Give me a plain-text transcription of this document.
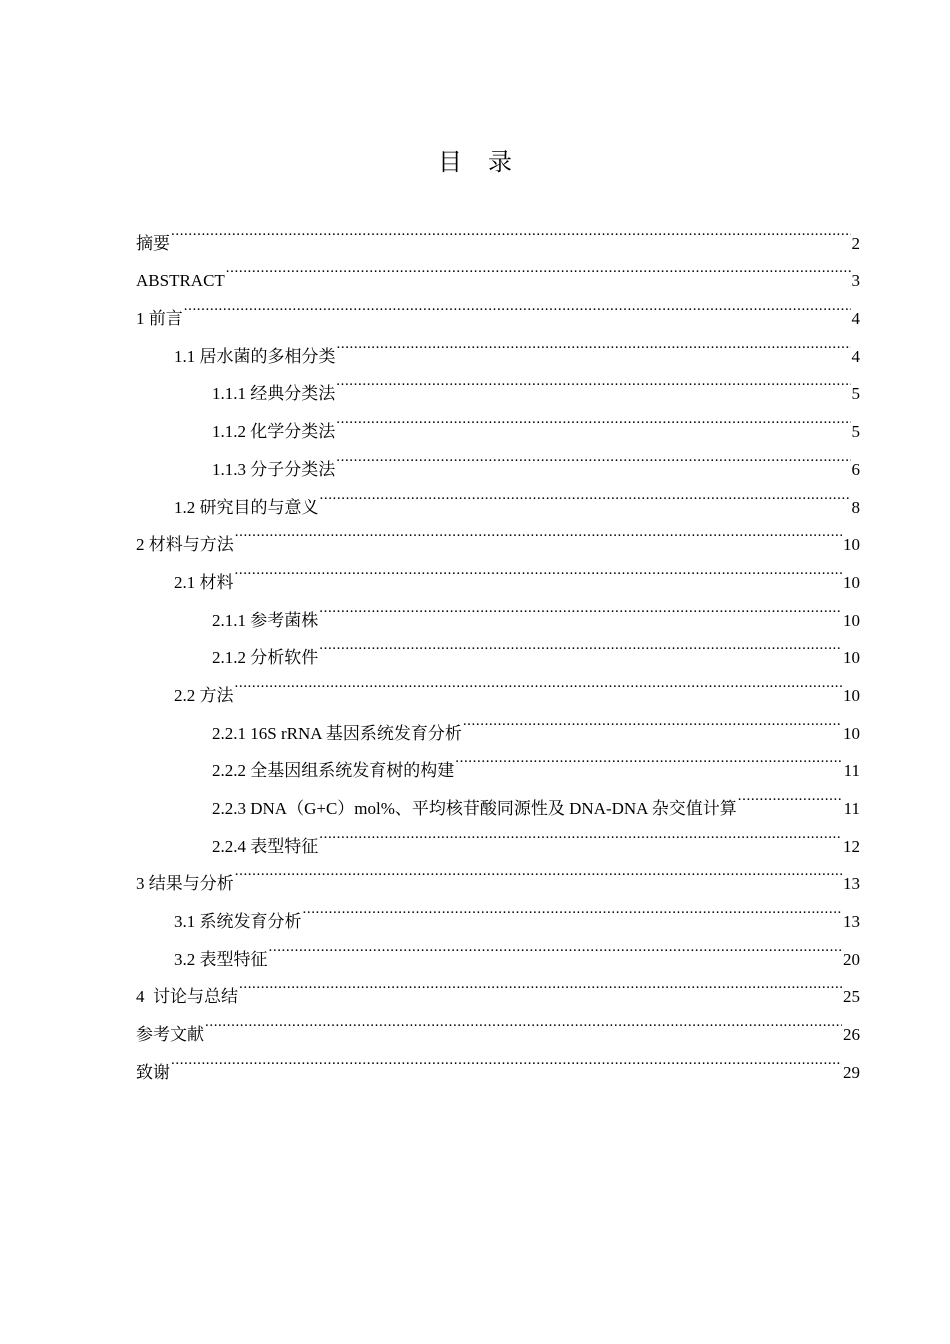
目录
摘要 .....	2
ABSTRACT .....	3
1 前言 .....	4
1.1 居水菌的多相分类 .....	4
1.1.1 经典分类法 .....	5
1.1.2 化学分类法 .....	5
1.1.3 分子分类法 .....	6
1.2 研究目的与意义 .....	8
2 材料与方法 .....	10
2.1 材料 .....	10
2.1.1 参考菌株 .....	10
2.1.2 分析软件 .....	10
2.2 方法 .....	10
2.2.1 16S rRNA 基因系统发育分析 .....	10
2.2.2 全基因组系统发育树的构建 .....	11
2.2.3 DNA（G+C）mol%、平均核苷酸同源性及 DNA-DNA 杂交值计算 .....	11
2.2.4 表型特征 .....	12
3 结果与分析 .....	13
3.1 系统发育分析 .....	13
3.2 表型特征 .....	20
4  讨论与总结 .....	25
参考文献 .....	26
致谢 .....	29
